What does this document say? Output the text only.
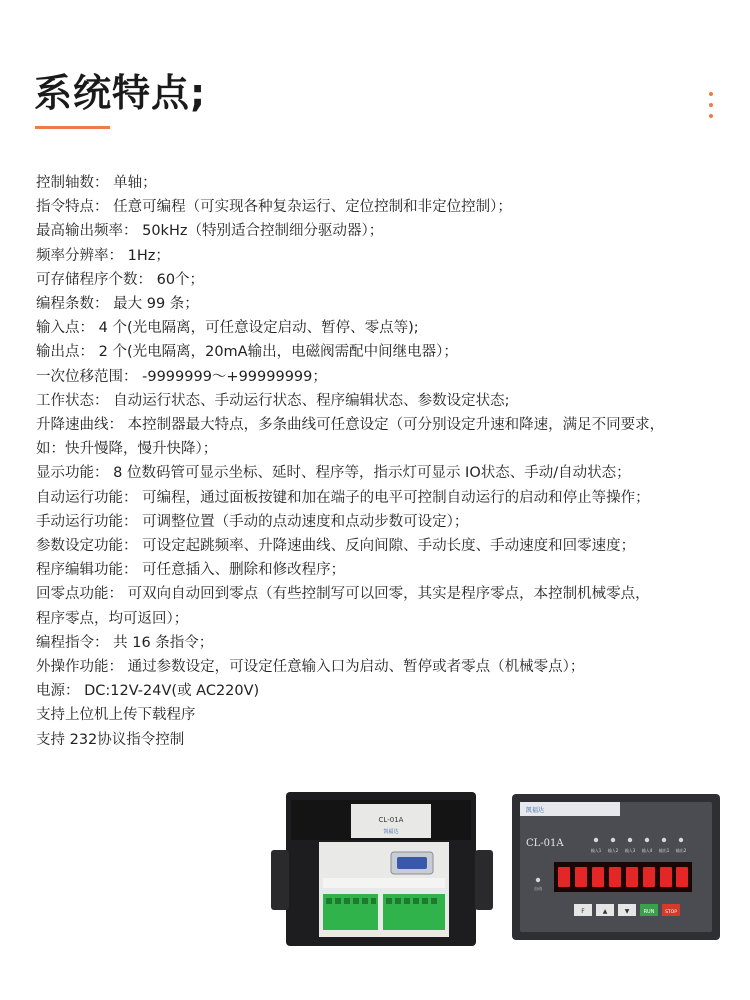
系统特点;
控制轴数： 单轴；
指令特点： 任意可编程（可实现各种复杂运行、定位控制和非定位控制）；
最高输出频率： 50kHz（特别适合控制细分驱动器）；
频率分辨率： 1Hz；
可存储程序个数： 60个；
编程条数： 最大 99 条；
输入点： 4 个(光电隔离，可任意设定启动、暂停、零点等);
输出点： 2 个(光电隔离，20mA输出，电磁阀需配中间继电器）；
一次位移范围： -9999999～+99999999；
工作状态： 自动运行状态、手动运行状态、程序编辑状态、参数设定状态;
升降速曲线： 本控制器最大特点，多条曲线可任意设定（可分别设定升速和降速，满足不同要求，
如：快升慢降，慢升快降）；
显示功能： 8 位数码管可显示坐标、延时、程序等，指示灯可显示 IO状态、手动/自动状态；
自动运行功能： 可编程，通过面板按键和加在端子的电平可控制自动运行的启动和停止等操作；
手动运行功能： 可调整位置（手动的点动速度和点动步数可设定）；
参数设定功能： 可设定起跳频率、升降速曲线、反向间隙、手动长度、手动速度和回零速度；
程序编辑功能： 可任意插入、删除和修改程序；
回零点功能： 可双向自动回到零点（有些控制写可以回零，其实是程序零点，本控制机械零点，
程序零点，均可返回）；
编程指令： 共 16 条指令；
外操作功能： 通过参数设定，可设定任意输入口为启动、暂停或者零点（机械零点）；
电源： DC:12V-24V(或 AC220V)
支持上位机上传下载程序
支持 232协议指令控制
CL-01A
凯福达
凯福达
CL-01A
输入1 输入2 输入3 输入4 输出1 输出2
自动
F	▲	▼	RUN STOP
